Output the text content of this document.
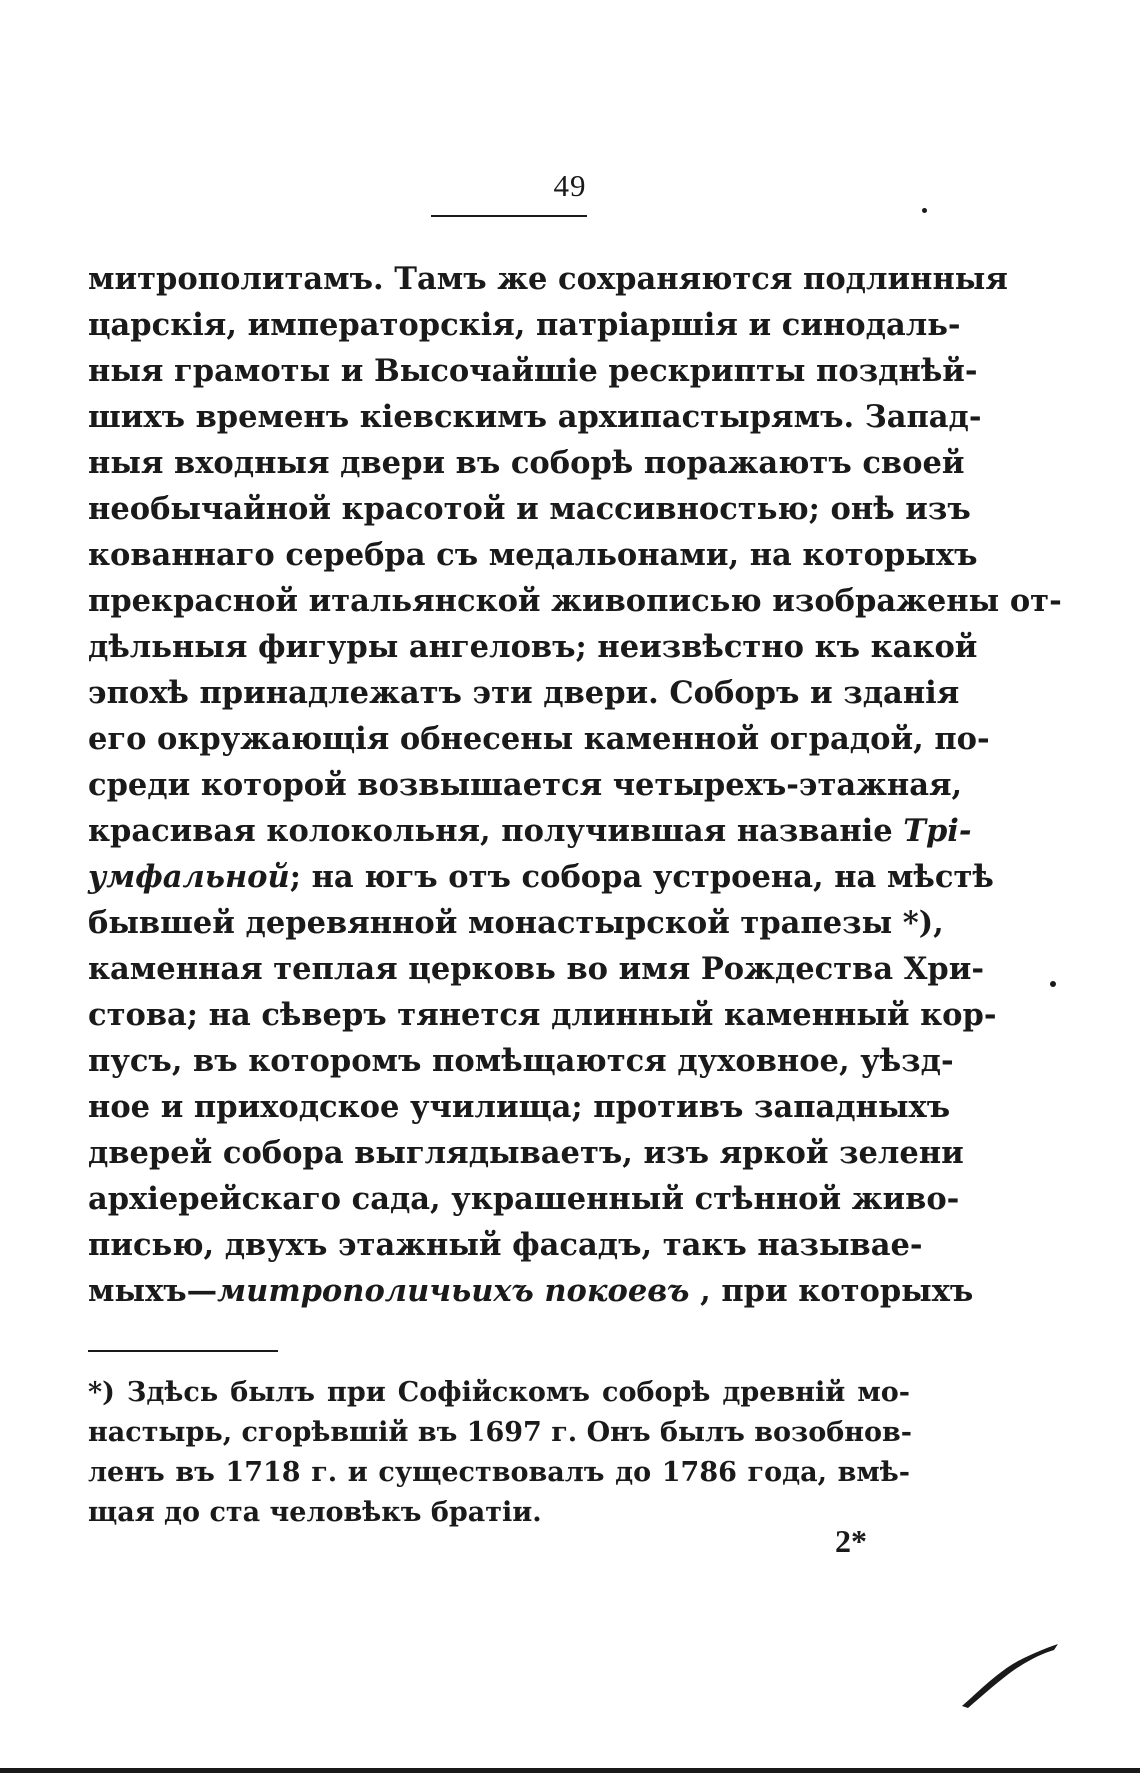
49
митрополитамъ. Тамъ же сохраняются подлинныя
царскія, императорскія, патріаршія и синодаль-
ныя грамоты и Высочайшіе рескрипты позднѣй-
шихъ временъ кіевскимъ архипастырямъ. Запад-
ныя входныя двери въ соборѣ поражаютъ своей
необычайной красотой и массивностью; онѣ изъ
кованнаго серебра съ медальонами, на которыхъ
прекрасной итальянской живописью изображены от-
дѣльныя фигуры ангеловъ; неизвѣстно къ какой
эпохѣ принадлежатъ эти двери. Соборъ и зданія
его окружающія обнесены каменной оградой, по-
среди которой возвышается четырехъ-этажная,
красивая колокольня, получившая названіе Трі-
умфальной; на югъ отъ собора устроена, на мѣстѣ
бывшей деревянной монастырской трапезы *),
каменная теплая церковь во имя Рождества Хри-
стова; на сѣверъ тянется длинный каменный кор-
пусъ, въ которомъ помѣщаются духовное, уѣзд-
ное и приходское училища; противъ западныхъ
дверей собора выглядываетъ, изъ яркой зелени
архіерейскаго сада, украшенный стѣнной живо-
писью, двухъ этажный фасадъ, такъ называе-
мыхъ—митрополичьихъ покоевъ , при которыхъ
*) Здѣсь былъ при Софійскомъ соборѣ древній мо-
настырь, сгорѣвшій въ 1697 г. Онъ былъ возобнов-
ленъ въ 1718 г. и существовалъ до 1786 года, вмѣ-
щая до ста человѣкъ братіи.
2*
